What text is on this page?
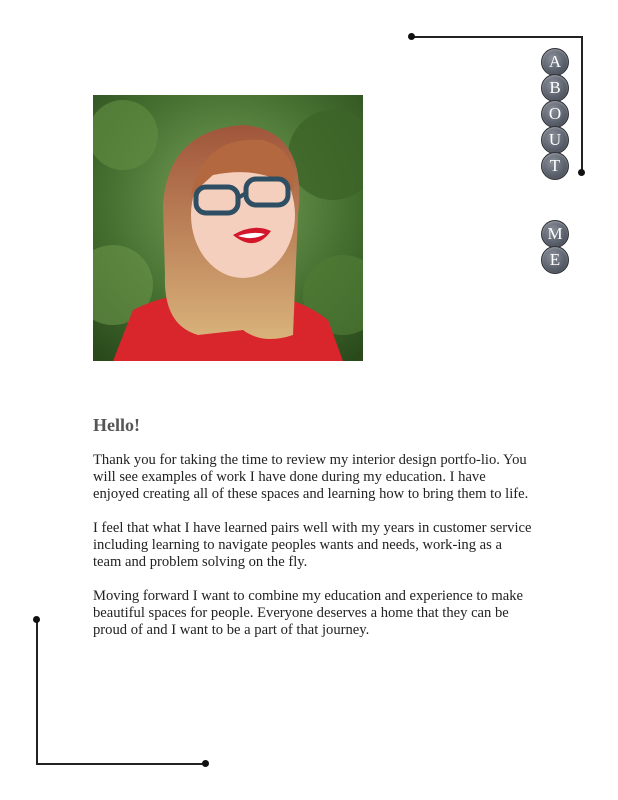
A
B
O
U
T
M
E
Hello!

Thank you for taking the time to review my interior design portfo-lio. You will see examples of work I have done during my education. I have enjoyed creating all of these spaces and learning how to bring them to life.

I feel that what I have learned pairs well with my years in customer service including learning to navigate peoples wants and needs, work-ing as a team and problem solving on the fly.

Moving forward I want to combine my education and experience to make beautiful spaces for people. Everyone deserves a home that they can be proud of and I want to be a part of that journey.
